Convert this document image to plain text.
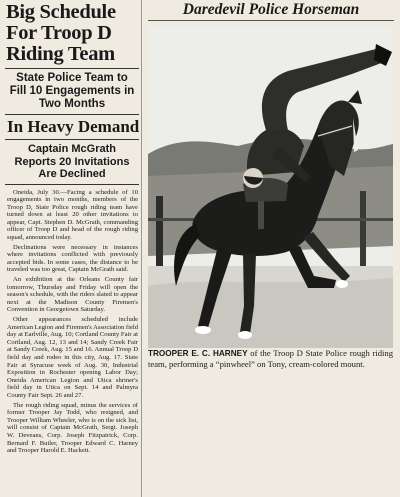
Big Schedule For Troop D Riding Team
State Police Team to Fill 10 Engagements in Two Months
In Heavy Demand
Captain McGrath Reports 20 Invitations Are Declined

Oneida, July 30.—Facing a schedule of 10 engagements in two months, members of the Troop D, State Police rough riding team have turned down at least 20 other invitations to appear, Capt. Stephen D. McGrath, commanding officer of Troop D and head of the rough riding squad, announced today.

Declinations were necessary in instances where invitations conflicted with previously accepted bids. In some cases, the distance to be traveled was too great, Captain McGrath said.

An exhibition at the Orleans County fair tomorrow, Thursday and Friday will open the season's schedule, with the riders slated to appear next at the Madison County Firemen's Convention in Georgetown Saturday.

Other appearances scheduled include American Legion and Firemen's Association field day at Earlville, Aug. 10; Cortland County Fair at Cortland, Aug. 12, 13 and 14; Sandy Creek Fair at Sandy Creek, Aug. 15 and 16. Annual Troop D field day and rodeo in this city, Aug. 17. State Fair at Syracuse week of Aug. 30, Industrial Exposition in Rochester opening Labor Day; Oneida American Legion and Utica shriner's field day in Utica on Sept. 14 and Palmyra County Fair Sept. 26 and 27.

The rough riding squad, minus the services of former Trooper Jay Todd, who resigned, and Trooper William Wheeler, who is on the sick list, will consist of Captain McGrath, Sergt. Joseph W. Deveans, Corp. Joseph Fitzpatrick, Corp. Bernard F. Butler, Trooper Edward C. Harney and Trooper Harold E. Hackett.

Daredevil Police Horseman
TROOPER E. C. HARNEY of the Troop D State Police rough riding team, performing a “pinwheel” on Tony, cream-colored mount.
